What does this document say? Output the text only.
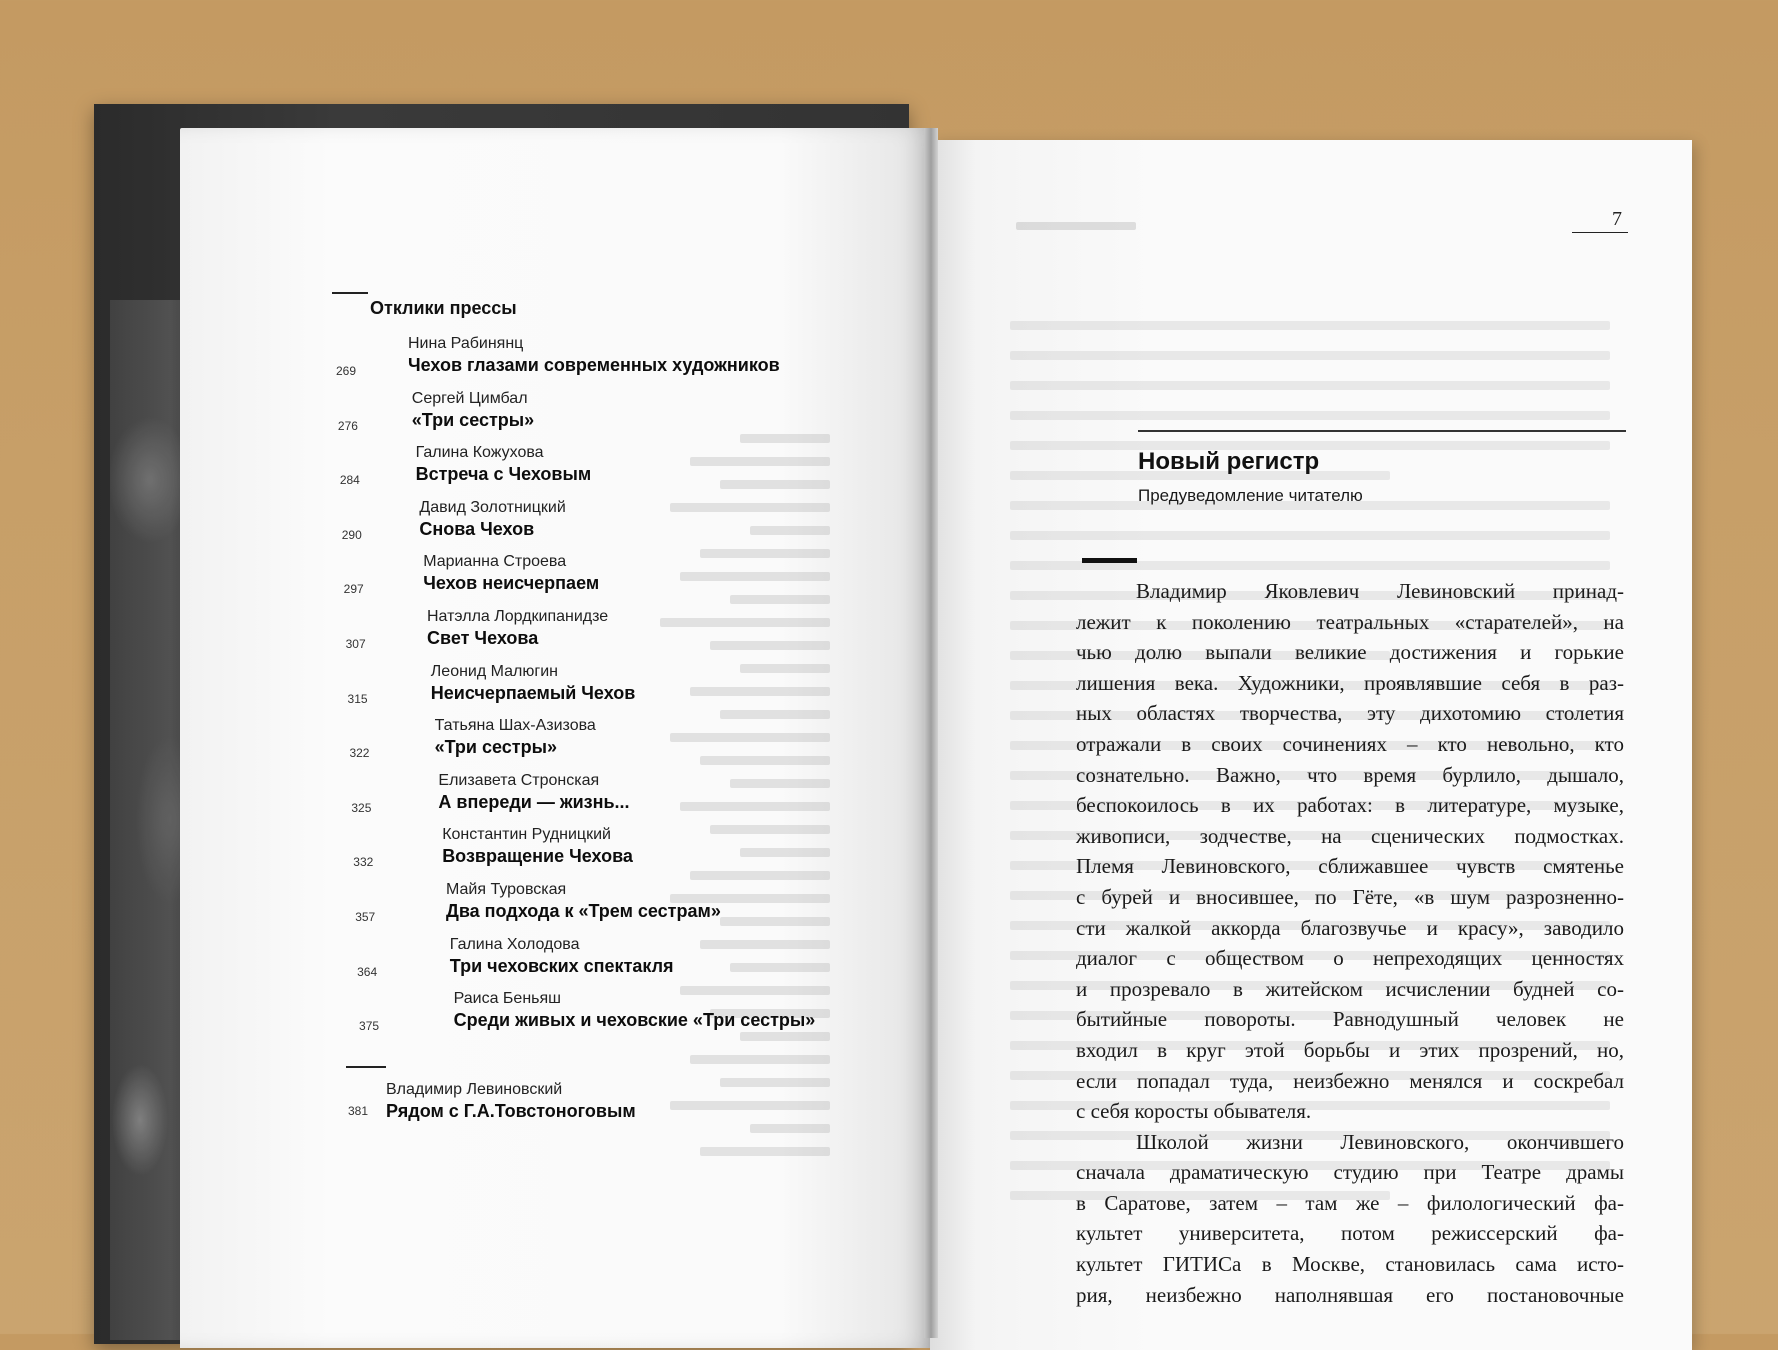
Отклики прессы
Нина Рабинянц
Чехов глазами современных художников
269
Сергей Цимбал
«Три сестры»
276
Галина Кожухова
Встреча с Чеховым
284
Давид Золотницкий
Снова Чехов
290
Марианна Строева
Чехов неисчерпаем
297
Натэлла Лордкипанидзе
Свет Чехова
307
Леонид Малюгин
Неисчерпаемый Чехов
315
Татьяна Шах-Азизова
«Три сестры»
322
Елизавета Стронская
А впереди — жизнь...
325
Константин Рудницкий
Возвращение Чехова
332
Майя Туровская
Два подхода к «Трем сестрам»
357
Галина Холодова
Три чеховских спектакля
364
Раиса Беньяш
Среди живых и чеховские «Три сестры»
375
Владимир Левиновский
Рядом с Г.А.Товстоноговым
381
7
Новый регистр
Предуведомление читателю
Владимир Яковлевич Левиновский принад-
лежит к поколению театральных «старателей», на
чью долю выпали великие достижения и горькие
лишения века. Художники, проявлявшие себя в раз-
ных областях творчества, эту дихотомию столетия
отражали в своих сочинениях – кто невольно, кто
сознательно. Важно, что время бурлило, дышало,
беспокоилось в их работах: в литературе, музыке,
живописи, зодчестве, на сценических подмостках.
Племя Левиновского, сближавшее чувств смятенье
с бурей и вносившее, по Гёте, «в шум разрозненно-
сти жалкой аккорда благозвучье и красу», заводило
диалог с обществом о непреходящих ценностях
и прозревало в житейском исчислении будней со-
бытийные повороты. Равнодушный человек не
входил в круг этой борьбы и этих прозрений, но,
если попадал туда, неизбежно менялся и соскребал
с себя коросты обывателя.
Школой жизни Левиновского, окончившего
сначала драматическую студию при Театре драмы
в Саратове, затем – там же – филологический фа-
культет университета, потом режиссерский фа-
культет ГИТИСа в Москве, становилась сама исто-
рия, неизбежно наполнявшая его постановочные
